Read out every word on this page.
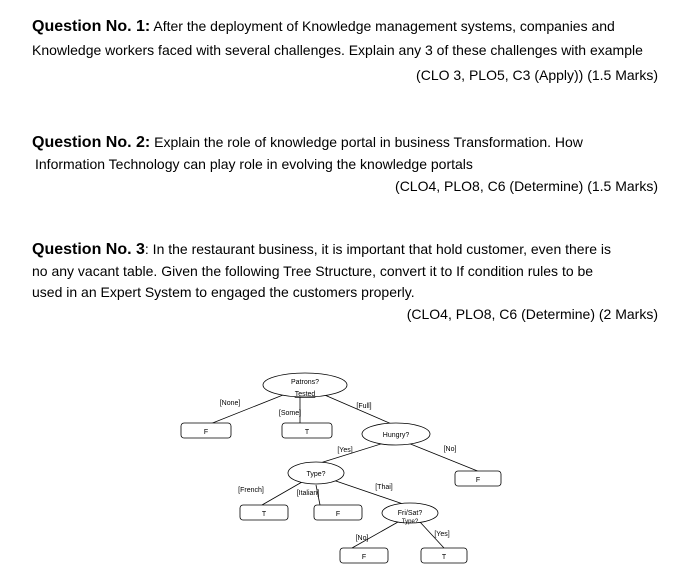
Question No. 1: After the deployment of Knowledge management systems, companies and
Knowledge workers faced with several challenges. Explain any 3 of these challenges with example
(CLO 3, PLO5, C3 (Apply)) (1.5 Marks)
Question No. 2: Explain the role of knowledge portal in business Transformation. How
Information Technology can play role in evolving the knowledge portals
(CLO4, PLO8, C6 (Determine) (1.5 Marks)
Question No. 3: In the restaurant business, it is important that hold customer, even there is
no any vacant table. Given the following Tree Structure, convert it to If condition rules to be
used in an Expert System to engaged the customers properly.
(CLO4, PLO8, C6 (Determine) (2 Marks)
Patrons?
Tested
Hungry?
Type?
Fri/Sat?
Type?
F	T
F
T	F
F	T
[None]
[Some]
[Full]
[Yes]	[No]
[French]	[Italian]
[Thai]
[No]
[Yes]
